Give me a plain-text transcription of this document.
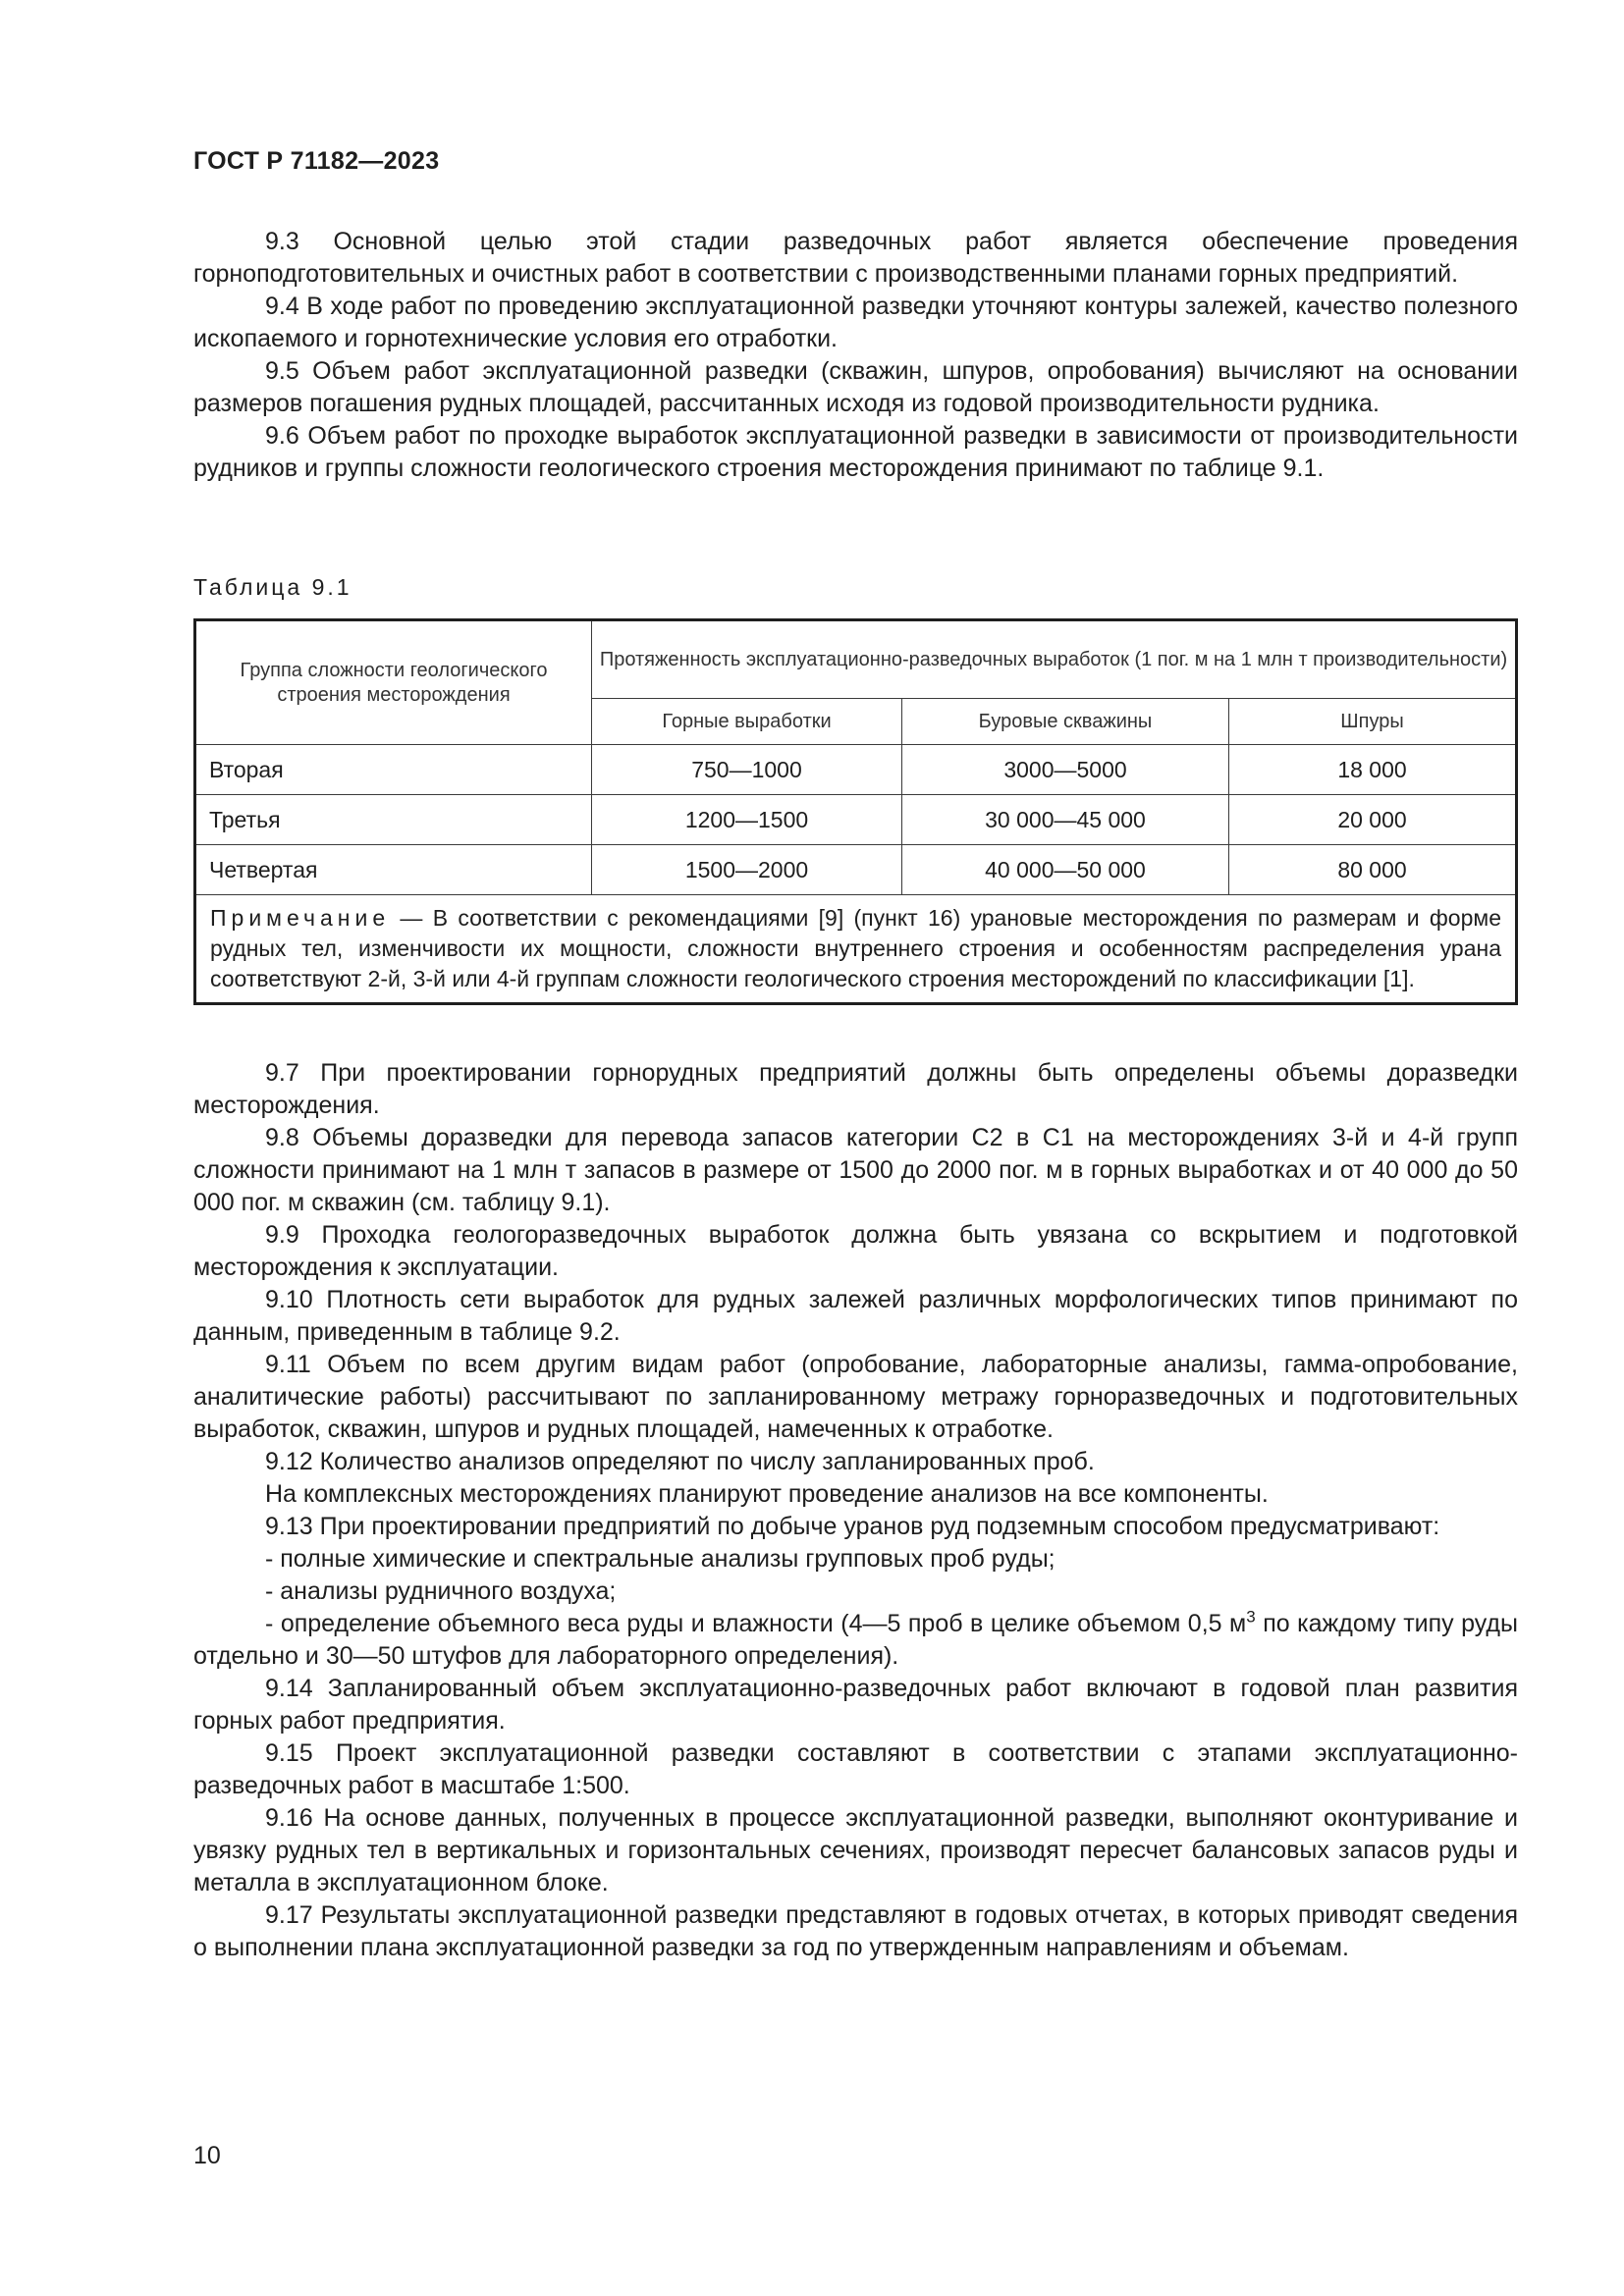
ГОСТ Р 71182—2023

9.3 Основной целью этой стадии разведочных работ является обеспечение проведения горноподготовительных и очистных работ в соответствии с производственными планами горных предприятий.

9.4 В ходе работ по проведению эксплуатационной разведки уточняют контуры залежей, качество полезного ископаемого и горнотехнические условия его отработки.

9.5 Объем работ эксплуатационной разведки (скважин, шпуров, опробования) вычисляют на основании размеров погашения рудных площадей, рассчитанных исходя из годовой производительности рудника.

9.6 Объем работ по проходке выработок эксплуатационной разведки в зависимости от производительности рудников и группы сложности геологического строения месторождения принимают по таблице 9.1.

Таблица 9.1
Группа сложности геологического строения месторождения	Протяженность эксплуатационно-разведочных выработок (1 пог. м на 1 млн т производительности)		
	Горные выработки	Буровые скважины	Шпуры
Вторая	750—1000	3000—5000	18 000
Третья	1200—1500	30 000—45 000	20 000
Четвертая	1500—2000	40 000—50 000	80 000
Примечание — В соответствии с рекомендациями [9] (пункт 16) урановые месторождения по размерам и форме рудных тел, изменчивости их мощности, сложности внутреннего строения и особенностям распределения урана соответствуют 2-й, 3-й или 4-й группам сложности геологического строения месторождений по классификации [1].			

9.7 При проектировании горнорудных предприятий должны быть определены объемы доразведки месторождения.

9.8 Объемы доразведки для перевода запасов категории С2 в С1 на месторождениях 3-й и 4-й групп сложности принимают на 1 млн т запасов в размере от 1500 до 2000 пог. м в горных выработках и от 40 000 до 50 000 пог. м скважин (см. таблицу 9.1).

9.9 Проходка геологоразведочных выработок должна быть увязана со вскрытием и подготовкой месторождения к эксплуатации.

9.10 Плотность сети выработок для рудных залежей различных морфологических типов принимают по данным, приведенным в таблице 9.2.

9.11 Объем по всем другим видам работ (опробование, лабораторные анализы, гамма-опробование, аналитические работы) рассчитывают по запланированному метражу горноразведочных и подготовительных выработок, скважин, шпуров и рудных площадей, намеченных к отработке.

9.12 Количество анализов определяют по числу запланированных проб.

На комплексных месторождениях планируют проведение анализов на все компоненты.

9.13 При проектировании предприятий по добыче уранов руд подземным способом предусматривают:

- полные химические и спектральные анализы групповых проб руды;

- анализы рудничного воздуха;

- определение объемного веса руды и влажности (4—5 проб в целике объемом 0,5 $м^3$ по каждому типу руды отдельно и 30—50 штуфов для лабораторного определения).

9.14 Запланированный объем эксплуатационно-разведочных работ включают в годовой план развития горных работ предприятия.

9.15 Проект эксплуатационной разведки составляют в соответствии с этапами эксплуатационно-разведочных работ в масштабе 1:500.

9.16 На основе данных, полученных в процессе эксплуатационной разведки, выполняют оконтуривание и увязку рудных тел в вертикальных и горизонтальных сечениях, производят пересчет балансовых запасов руды и металла в эксплуатационном блоке.

9.17 Результаты эксплуатационной разведки представляют в годовых отчетах, в которых приводят сведения о выполнении плана эксплуатационной разведки за год по утвержденным направлениям и объемам.

10
